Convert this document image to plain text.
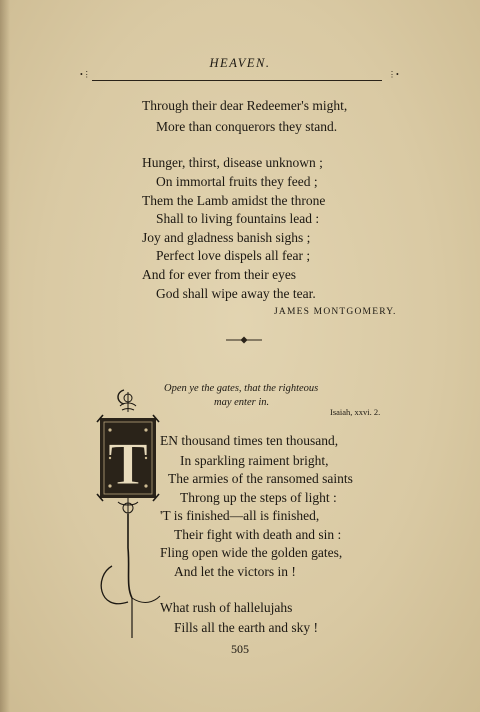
HEAVEN.
•⋮	⋮•
Through their dear Redeemer's might,
More than conquerors they stand.
Hunger, thirst, disease unknown ;
On immortal fruits they feed ;
Them the Lamb amidst the throne
Shall to living fountains lead :
Joy and gladness banish sighs ;
Perfect love dispels all fear ;
And for ever from their eyes
God shall wipe away the tear.
JAMES MONTGOMERY.
Open ye the gates, that the righteous
may enter in.
Isaiah, xxvi. 2.
T EN thousand times ten thousand,
In sparkling raiment bright,
The armies of the ransomed saints
Throng up the steps of light :
'T is finished—all is finished,
Their fight with death and sin :
Fling open wide the golden gates,
And let the victors in !
What rush of hallelujahs
Fills all the earth and sky !
505
